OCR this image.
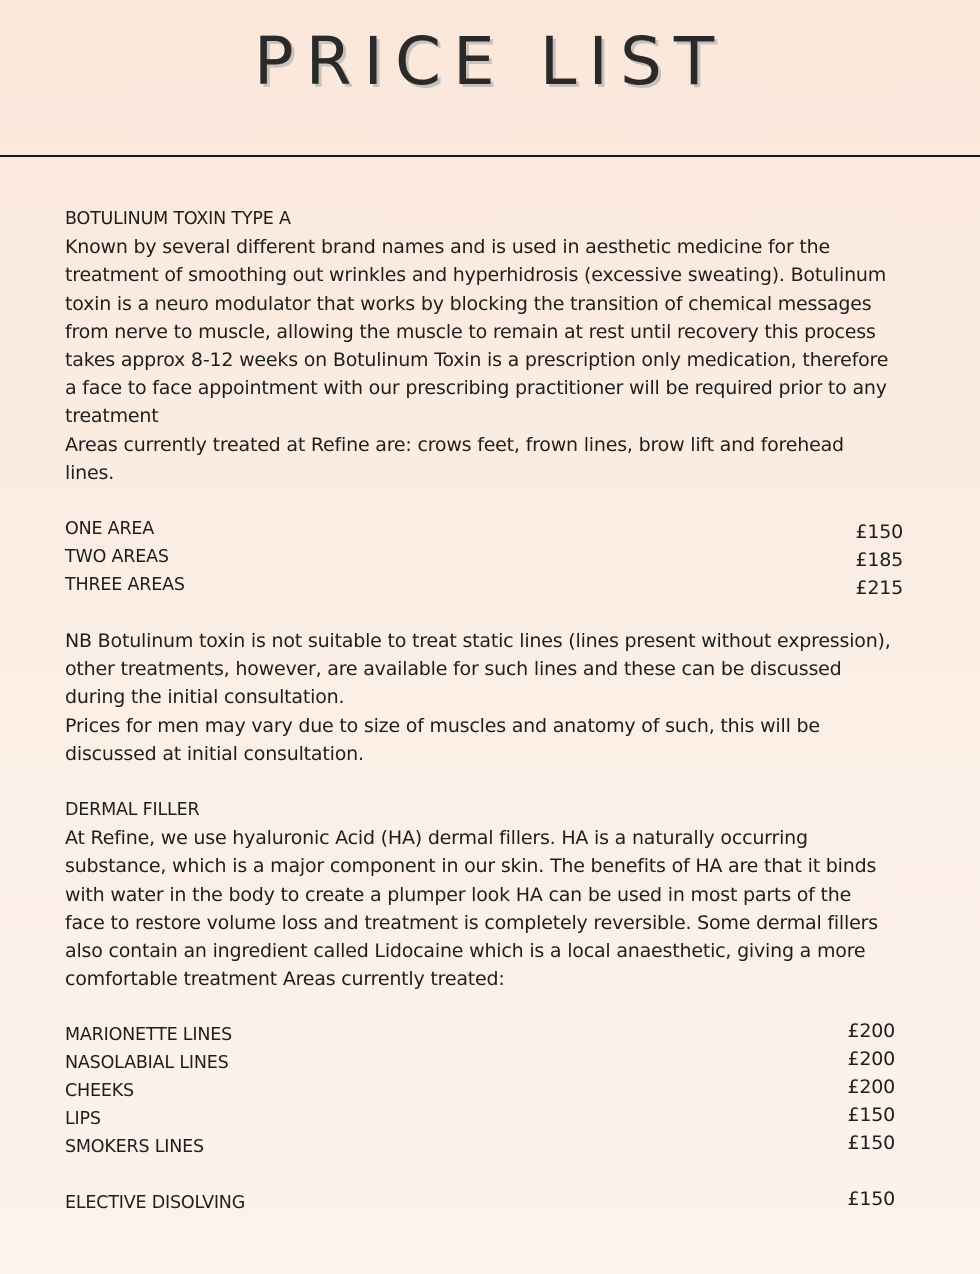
PRICE LIST
BOTULINUM TOXIN TYPE A

Known by several different brand names and is used in aesthetic medicine for the treatment of smoothing out wrinkles and hyperhidrosis (excessive sweating). Botulinum toxin is a neuro modulator that works by blocking the transition of chemical messages from nerve to muscle, allowing the muscle to remain at rest until recovery this process takes approx 8-12 weeks on Botulinum Toxin is a prescription only medication, therefore a face to face appointment with our prescribing practitioner will be required prior to any treatment

Areas currently treated at Refine are: crows feet, frown lines, brow lift and forehead lines.

ONE AREA	£150
TWO AREAS	£185
THREE AREAS	£215

NB Botulinum toxin is not suitable to treat static lines (lines present without expression), other treatments, however, are available for such lines and these can be discussed during the initial consultation.

Prices for men may vary due to size of muscles and anatomy of such, this will be discussed at initial consultation.

DERMAL FILLER

At Refine, we use hyaluronic Acid (HA) dermal fillers. HA is a naturally occurring substance, which is a major component in our skin. The benefits of HA are that it binds with water in the body to create a plumper look HA can be used in most parts of the face to restore volume loss and treatment is completely reversible. Some dermal fillers also contain an ingredient called Lidocaine which is a local anaesthetic, giving a more comfortable treatment Areas currently treated:

MARIONETTE LINES	£200
NASOLABIAL LINES	£200
CHEEKS	£200
LIPS	£150
SMOKERS LINES	£150
ELECTIVE DISOLVING	£150
